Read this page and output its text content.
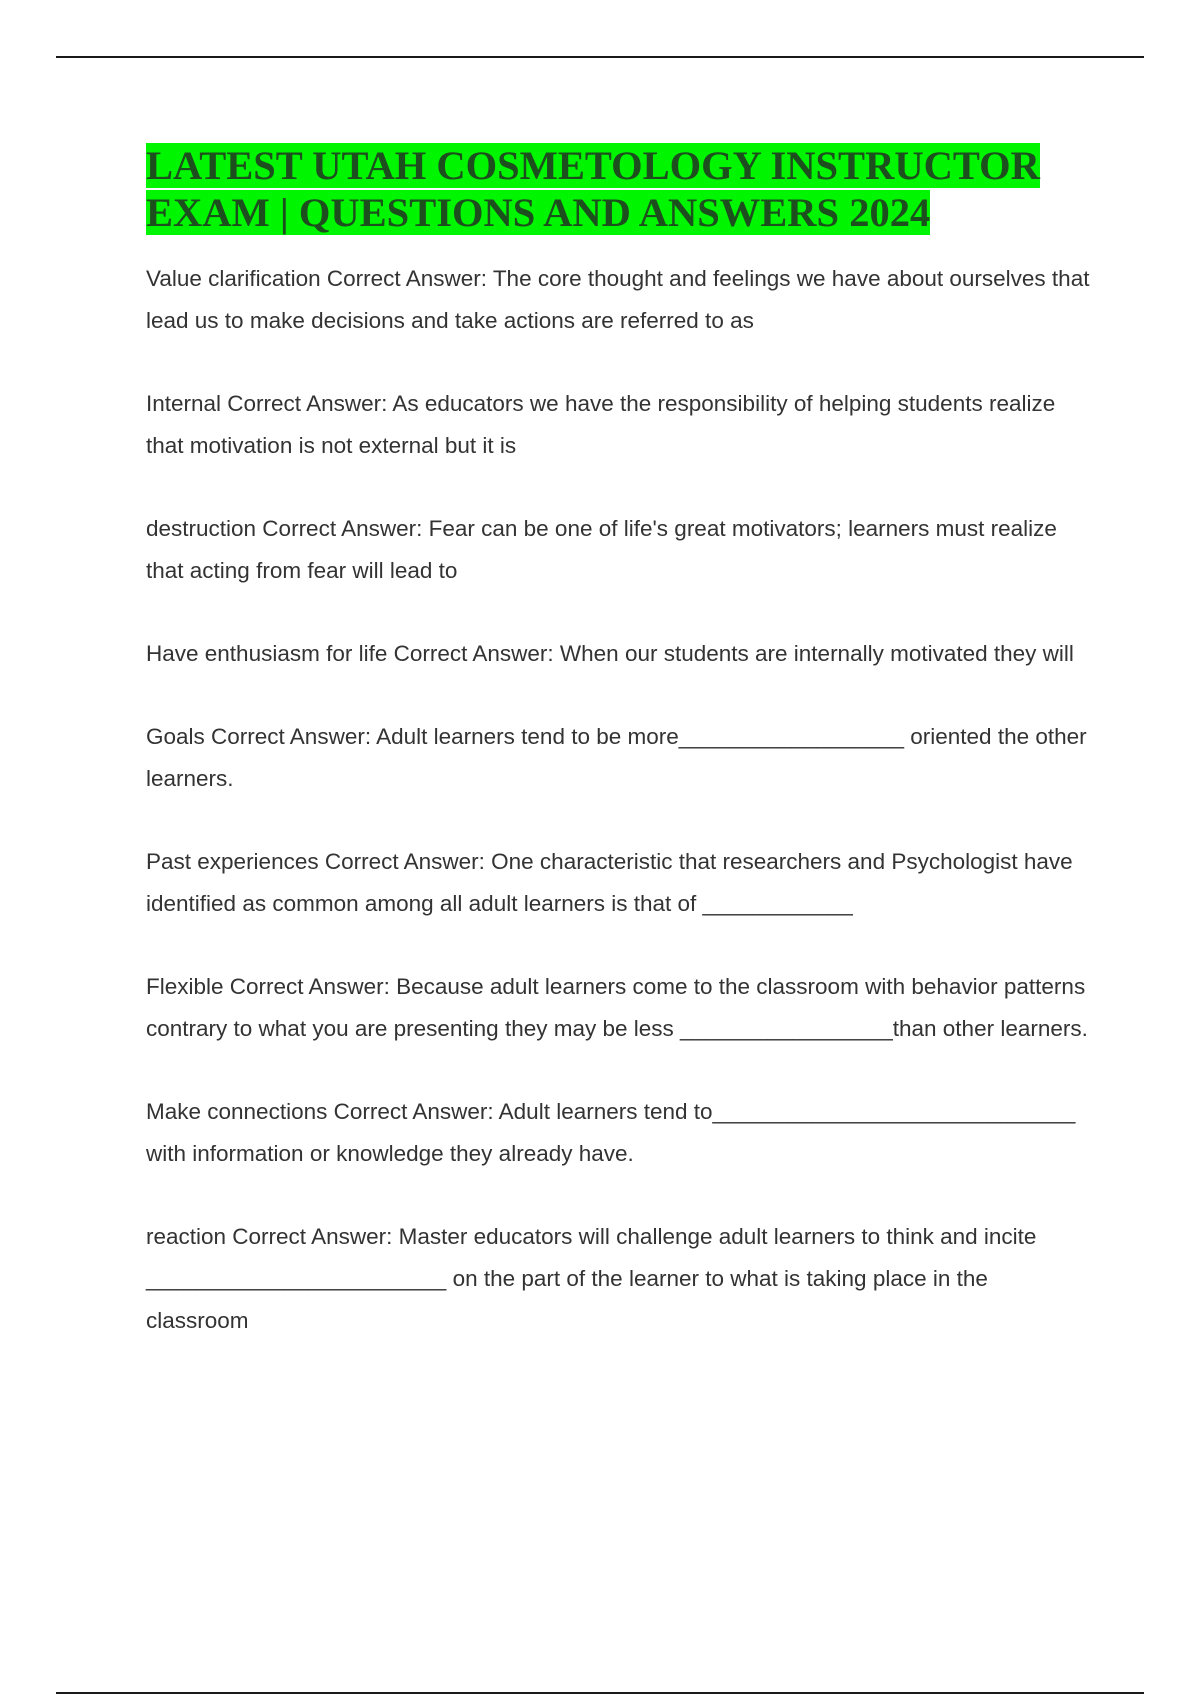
LATEST UTAH COSMETOLOGY INSTRUCTOR EXAM | QUESTIONS AND ANSWERS 2024

Value clarification Correct Answer: The core thought and feelings we have about ourselves that lead us to make decisions and take actions are referred to as

Internal Correct Answer: As educators we have the responsibility of helping students realize that motivation is not external but it is

destruction Correct Answer: Fear can be one of life's great motivators; learners must realize that acting from fear will lead to

Have enthusiasm for life Correct Answer: When our students are internally motivated they will

Goals Correct Answer: Adult learners tend to be more__________________ oriented the other learners.

Past experiences Correct Answer: One characteristic that researchers and Psychologist have identified as common among all adult learners is that of ____________

Flexible Correct Answer: Because adult learners come to the classroom with behavior patterns contrary to what you are presenting they may be less _________________than other learners.

Make connections Correct Answer: Adult learners tend to_____________________________ with information or knowledge they already have.

reaction Correct Answer: Master educators will challenge adult learners to think and incite ________________________ on the part of the learner to what is taking place in the classroom
